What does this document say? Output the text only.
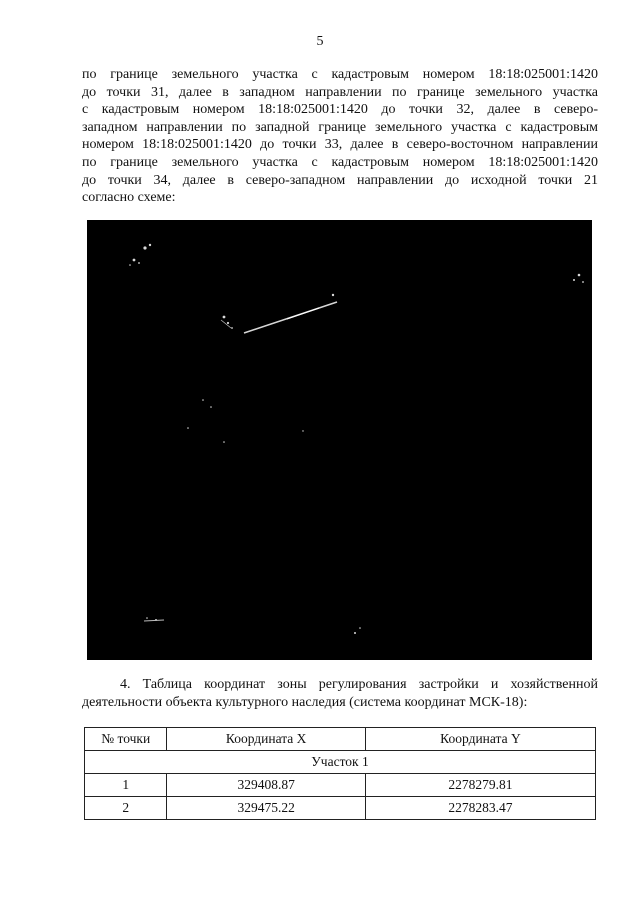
5
по границе земельного участка с кадастровым номером 18:18:025001:1420
до точки 31, далее в западном направлении по границе земельного участка
с кадастровым номером 18:18:025001:1420 до точки 32, далее в северо-
западном направлении по западной границе земельного участка с кадастровым
номером 18:18:025001:1420 до точки 33, далее в северо-восточном направлении
по границе земельного участка с кадастровым номером 18:18:025001:1420
до точки 34, далее в северо-западном направлении до исходной точки 21
согласно схеме:
4. Таблица координат зоны регулирования застройки и хозяйственной
деятельности объекта культурного наследия (система координат МСК-18):
№ точки	Координата X	Координата Y
Участок 1		
1	329408.87	2278279.81
2	329475.22	2278283.47
